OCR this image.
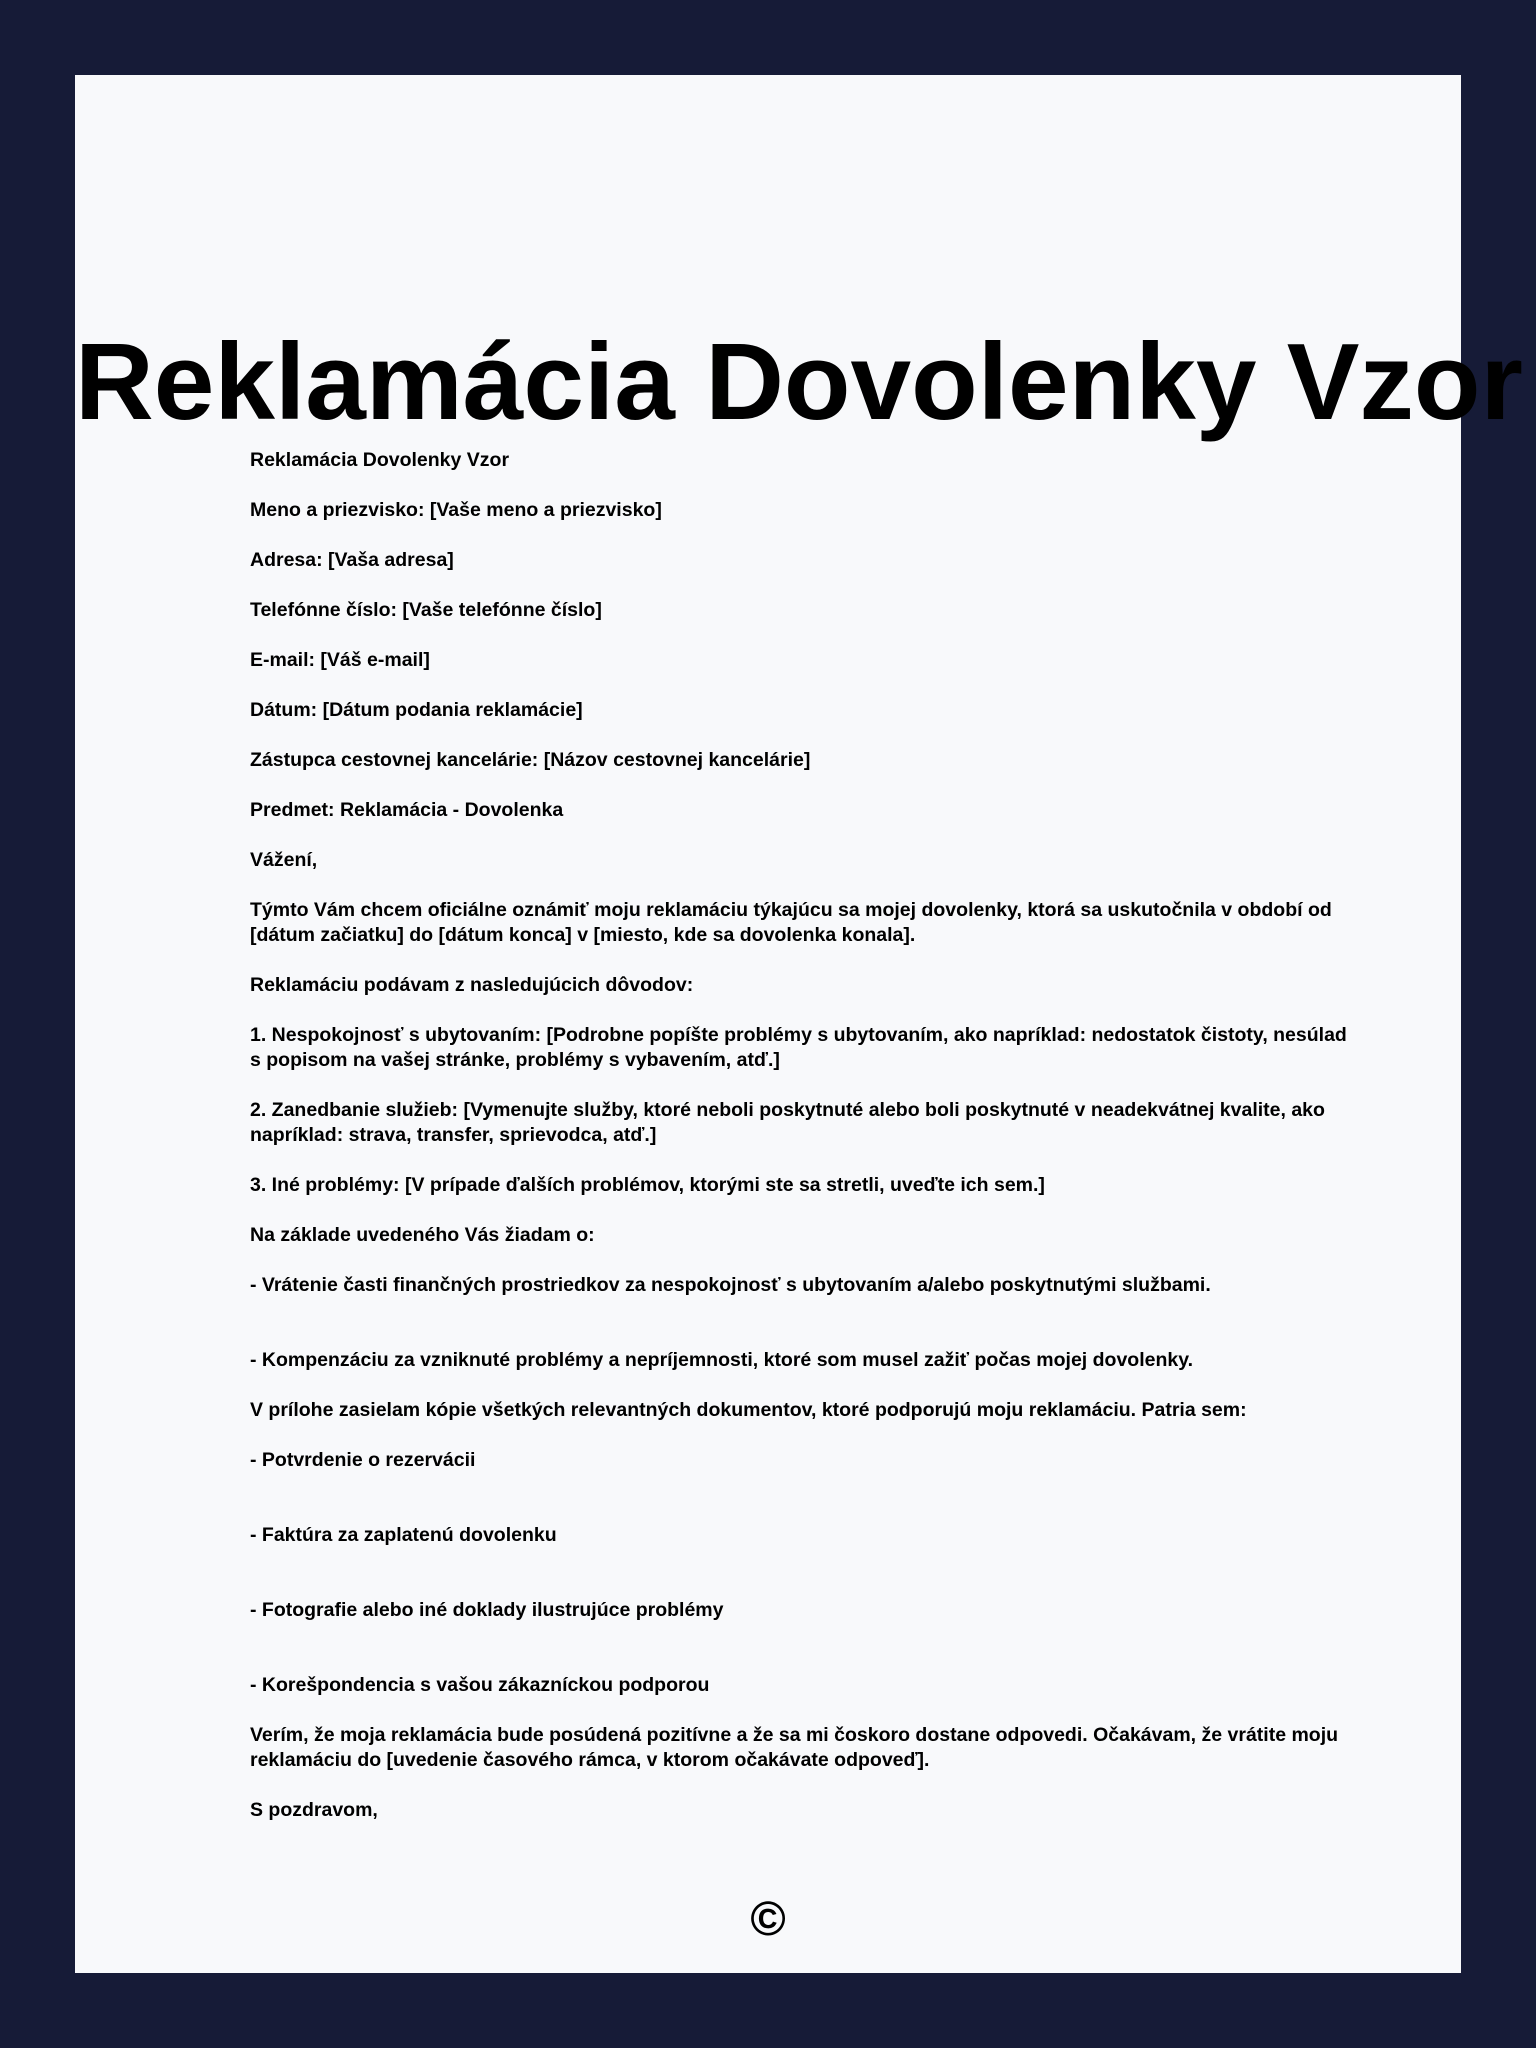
Reklamácia Dovolenky Vzor

Reklamácia Dovolenky Vzor

Meno a priezvisko: [Vaše meno a priezvisko]

Adresa: [Vaša adresa]

Telefónne číslo: [Vaše telefónne číslo]

E-mail: [Váš e-mail]

Dátum: [Dátum podania reklamácie]

Zástupca cestovnej kancelárie: [Názov cestovnej kancelárie]

Predmet: Reklamácia - Dovolenka

Vážení,

Týmto Vám chcem oficiálne oznámiť moju reklamáciu týkajúcu sa mojej dovolenky, ktorá sa uskutočnila v období od [dátum začiatku] do [dátum konca] v [miesto, kde sa dovolenka konala].

Reklamáciu podávam z nasledujúcich dôvodov:

1. Nespokojnosť s ubytovaním: [Podrobne popíšte problémy s ubytovaním, ako napríklad: nedostatok čistoty, nesúlad s popisom na vašej stránke, problémy s vybavením, atď.]

2. Zanedbanie služieb: [Vymenujte služby, ktoré neboli poskytnuté alebo boli poskytnuté v neadekvátnej kvalite, ako napríklad: strava, transfer, sprievodca, atď.]

3. Iné problémy: [V prípade ďalších problémov, ktorými ste sa stretli, uveďte ich sem.]

Na základe uvedeného Vás žiadam o:

- Vrátenie časti finančných prostriedkov za nespokojnosť s ubytovaním a/alebo poskytnutými službami.

- Kompenzáciu za vzniknuté problémy a nepríjemnosti, ktoré som musel zažiť počas mojej dovolenky.

V prílohe zasielam kópie všetkých relevantných dokumentov, ktoré podporujú moju reklamáciu. Patria sem:

- Potvrdenie o rezervácii

- Faktúra za zaplatenú dovolenku

- Fotografie alebo iné doklady ilustrujúce problémy

- Korešpondencia s vašou zákazníckou podporou

Verím, že moja reklamácia bude posúdená pozitívne a že sa mi čoskoro dostane odpovedi. Očakávam, že vrátite moju reklamáciu do [uvedenie časového rámca, v ktorom očakávate odpoveď].

S pozdravom,

©
